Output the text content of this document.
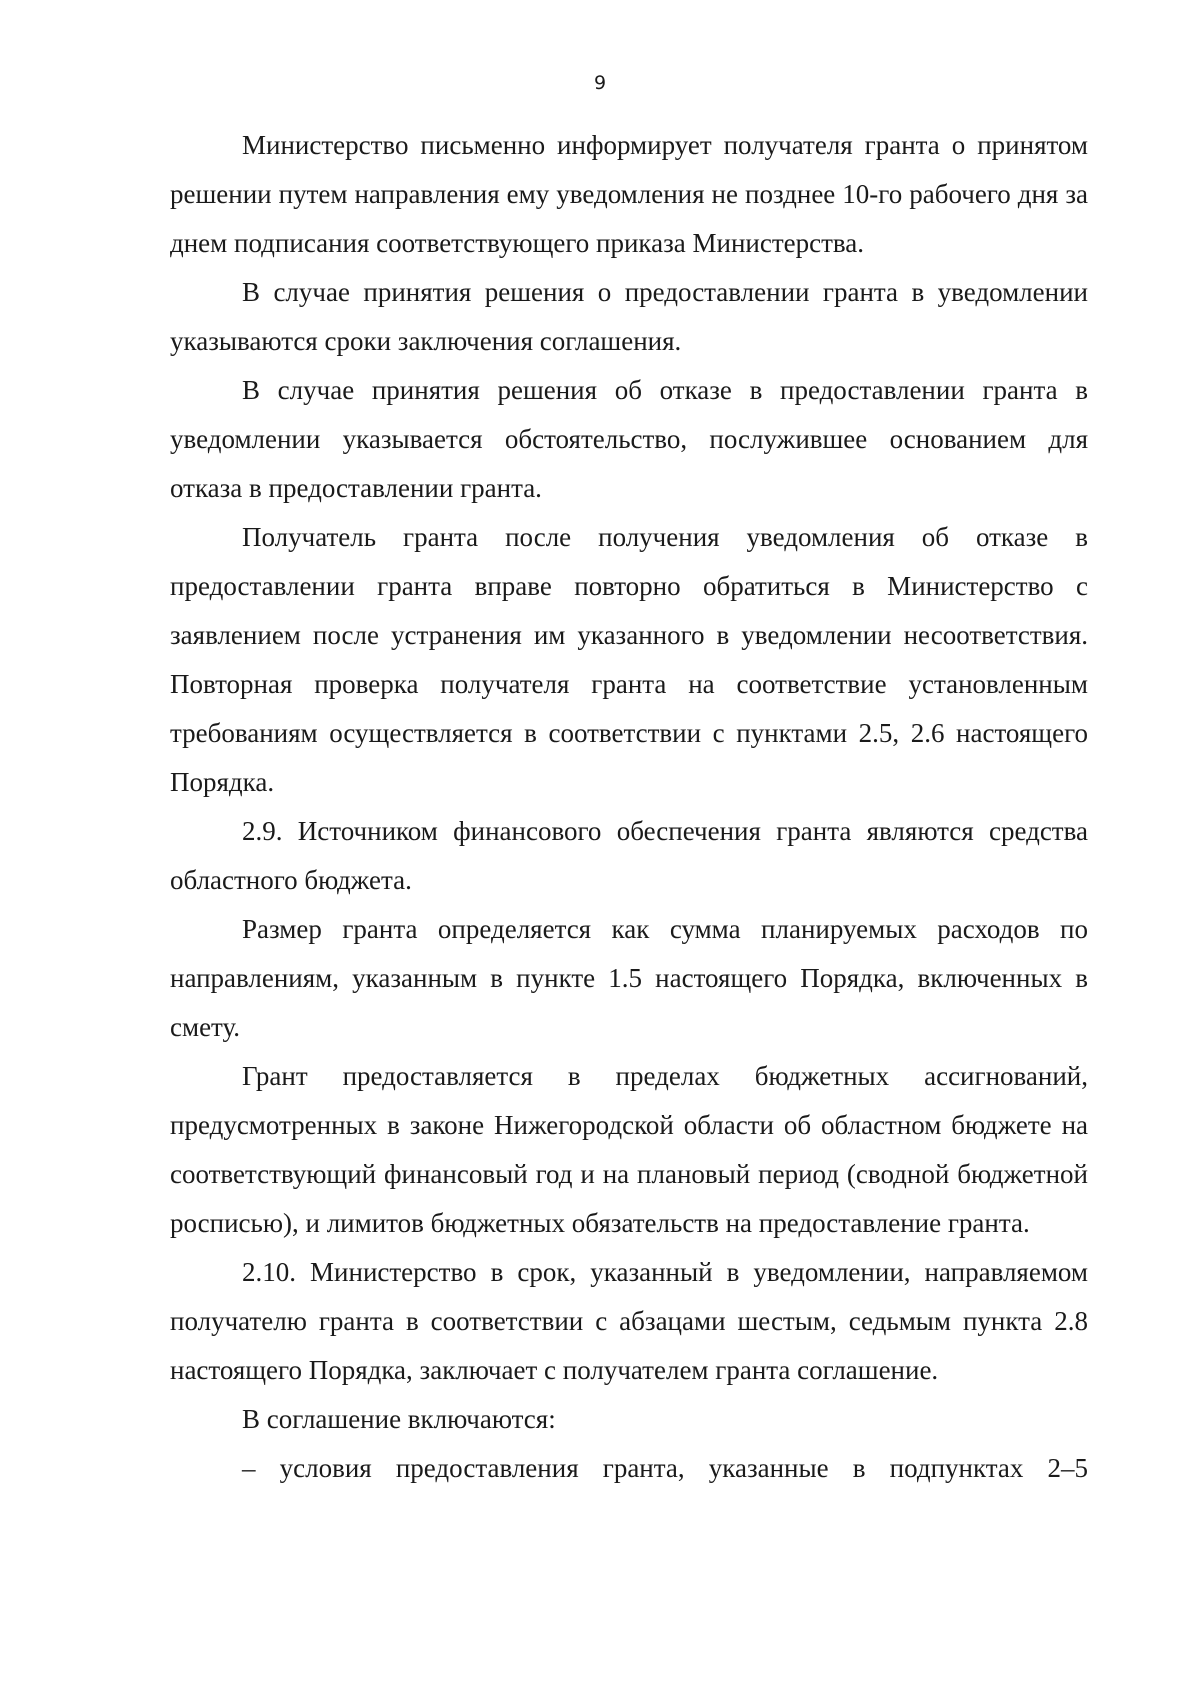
9

Министерство письменно информирует получателя гранта о принятом решении путем направления ему уведомления не позднее 10-го рабочего дня за днем подписания соответствующего приказа Министерства.

В случае принятия решения о предоставлении гранта в уведомлении указываются сроки заключения соглашения.

В случае принятия решения об отказе в предоставлении гранта в уведомлении указывается обстоятельство, послужившее основанием для отказа в предоставлении гранта.

Получатель гранта после получения уведомления об отказе в предоставлении гранта вправе повторно обратиться в Министерство с заявлением после устранения им указанного в уведомлении несоответствия. Повторная проверка получателя гранта на соответствие установленным требованиям осуществляется в соответствии с пунктами 2.5, 2.6 настоящего Порядка.

2.9. Источником финансового обеспечения гранта являются средства областного бюджета.

Размер гранта определяется как сумма планируемых расходов по направлениям, указанным в пункте 1.5 настоящего Порядка, включенных в смету.

Грант предоставляется в пределах бюджетных ассигнований, предусмотренных в законе Нижегородской области об областном бюджете на соответствующий финансовый год и на плановый период (сводной бюджетной росписью), и лимитов бюджетных обязательств на предоставление гранта.

2.10. Министерство в срок, указанный в уведомлении, направляемом получателю гранта в соответствии с абзацами шестым, седьмым пункта 2.8 настоящего Порядка, заключает с получателем гранта соглашение.

В соглашение включаются:

– условия предоставления гранта, указанные в подпунктах 2–5
